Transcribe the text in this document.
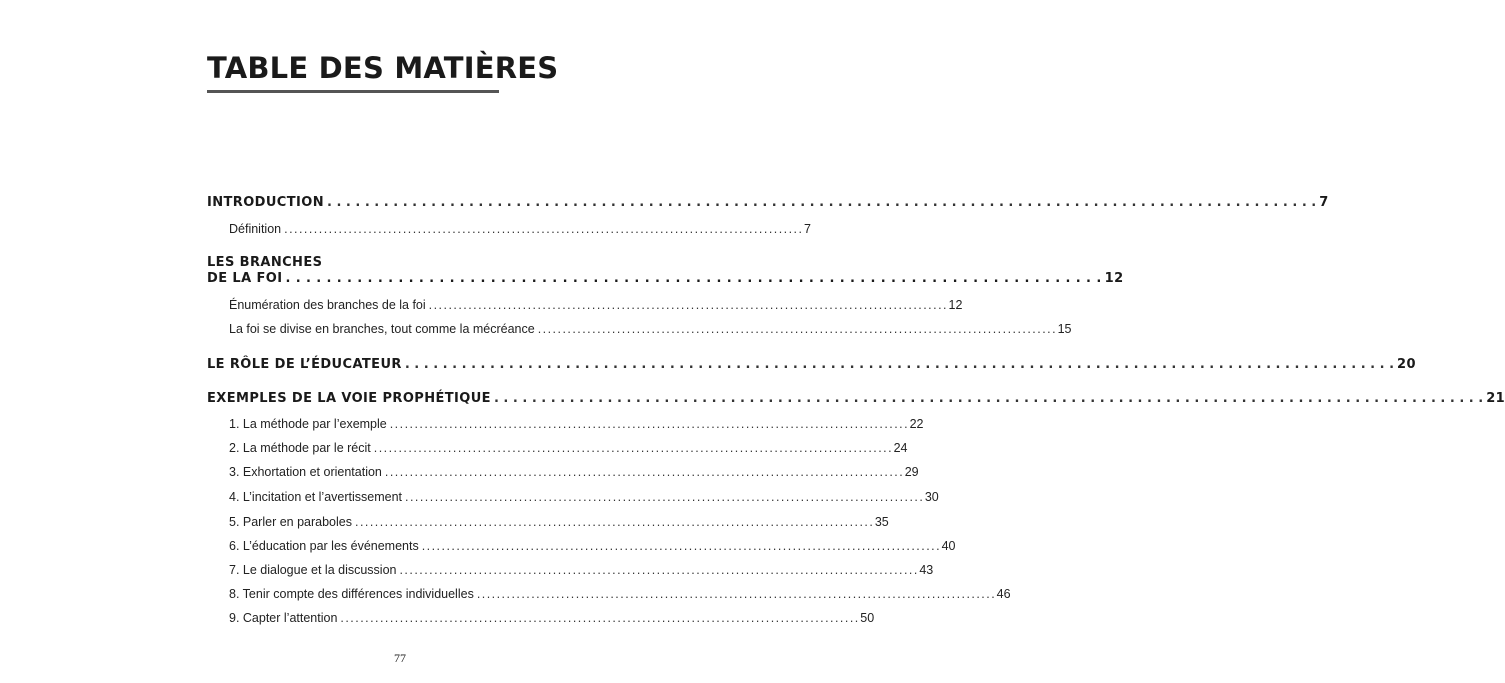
TABLE DES MATIÈRES
INTRODUCTION . . .	7
Définition . . .	7
LES BRANCHES
DE LA FOI . . . . . . . . . . . . . . . . . . . . . . . . . . . . . . . . . . . . . . . . . . . . . . . . . . . . . . . . . . . . . . . . . . . . . . . . . . . . . . . . 12
Énumération des branches de la foi . . .	12
La foi se divise en branches, tout comme la mécréance . . .	15
LE RÔLE DE L’ÉDUCATEUR . . .	20
EXEMPLES DE LA VOIE PROPHÉTIQUE . . .	21
1. La méthode par l’exemple . . .	22
2. La méthode par le récit . . .	24
3. Exhortation et orientation . . .	29
4. L’incitation et l’avertissement . . .	30
5. Parler en paraboles . . .	35
6. L’éducation par les événements . . .	40
7. Le dialogue et la discussion . . .	43
8. Tenir compte des différences individuelles . . .	46
9. Capter l’attention . . .	50
77
